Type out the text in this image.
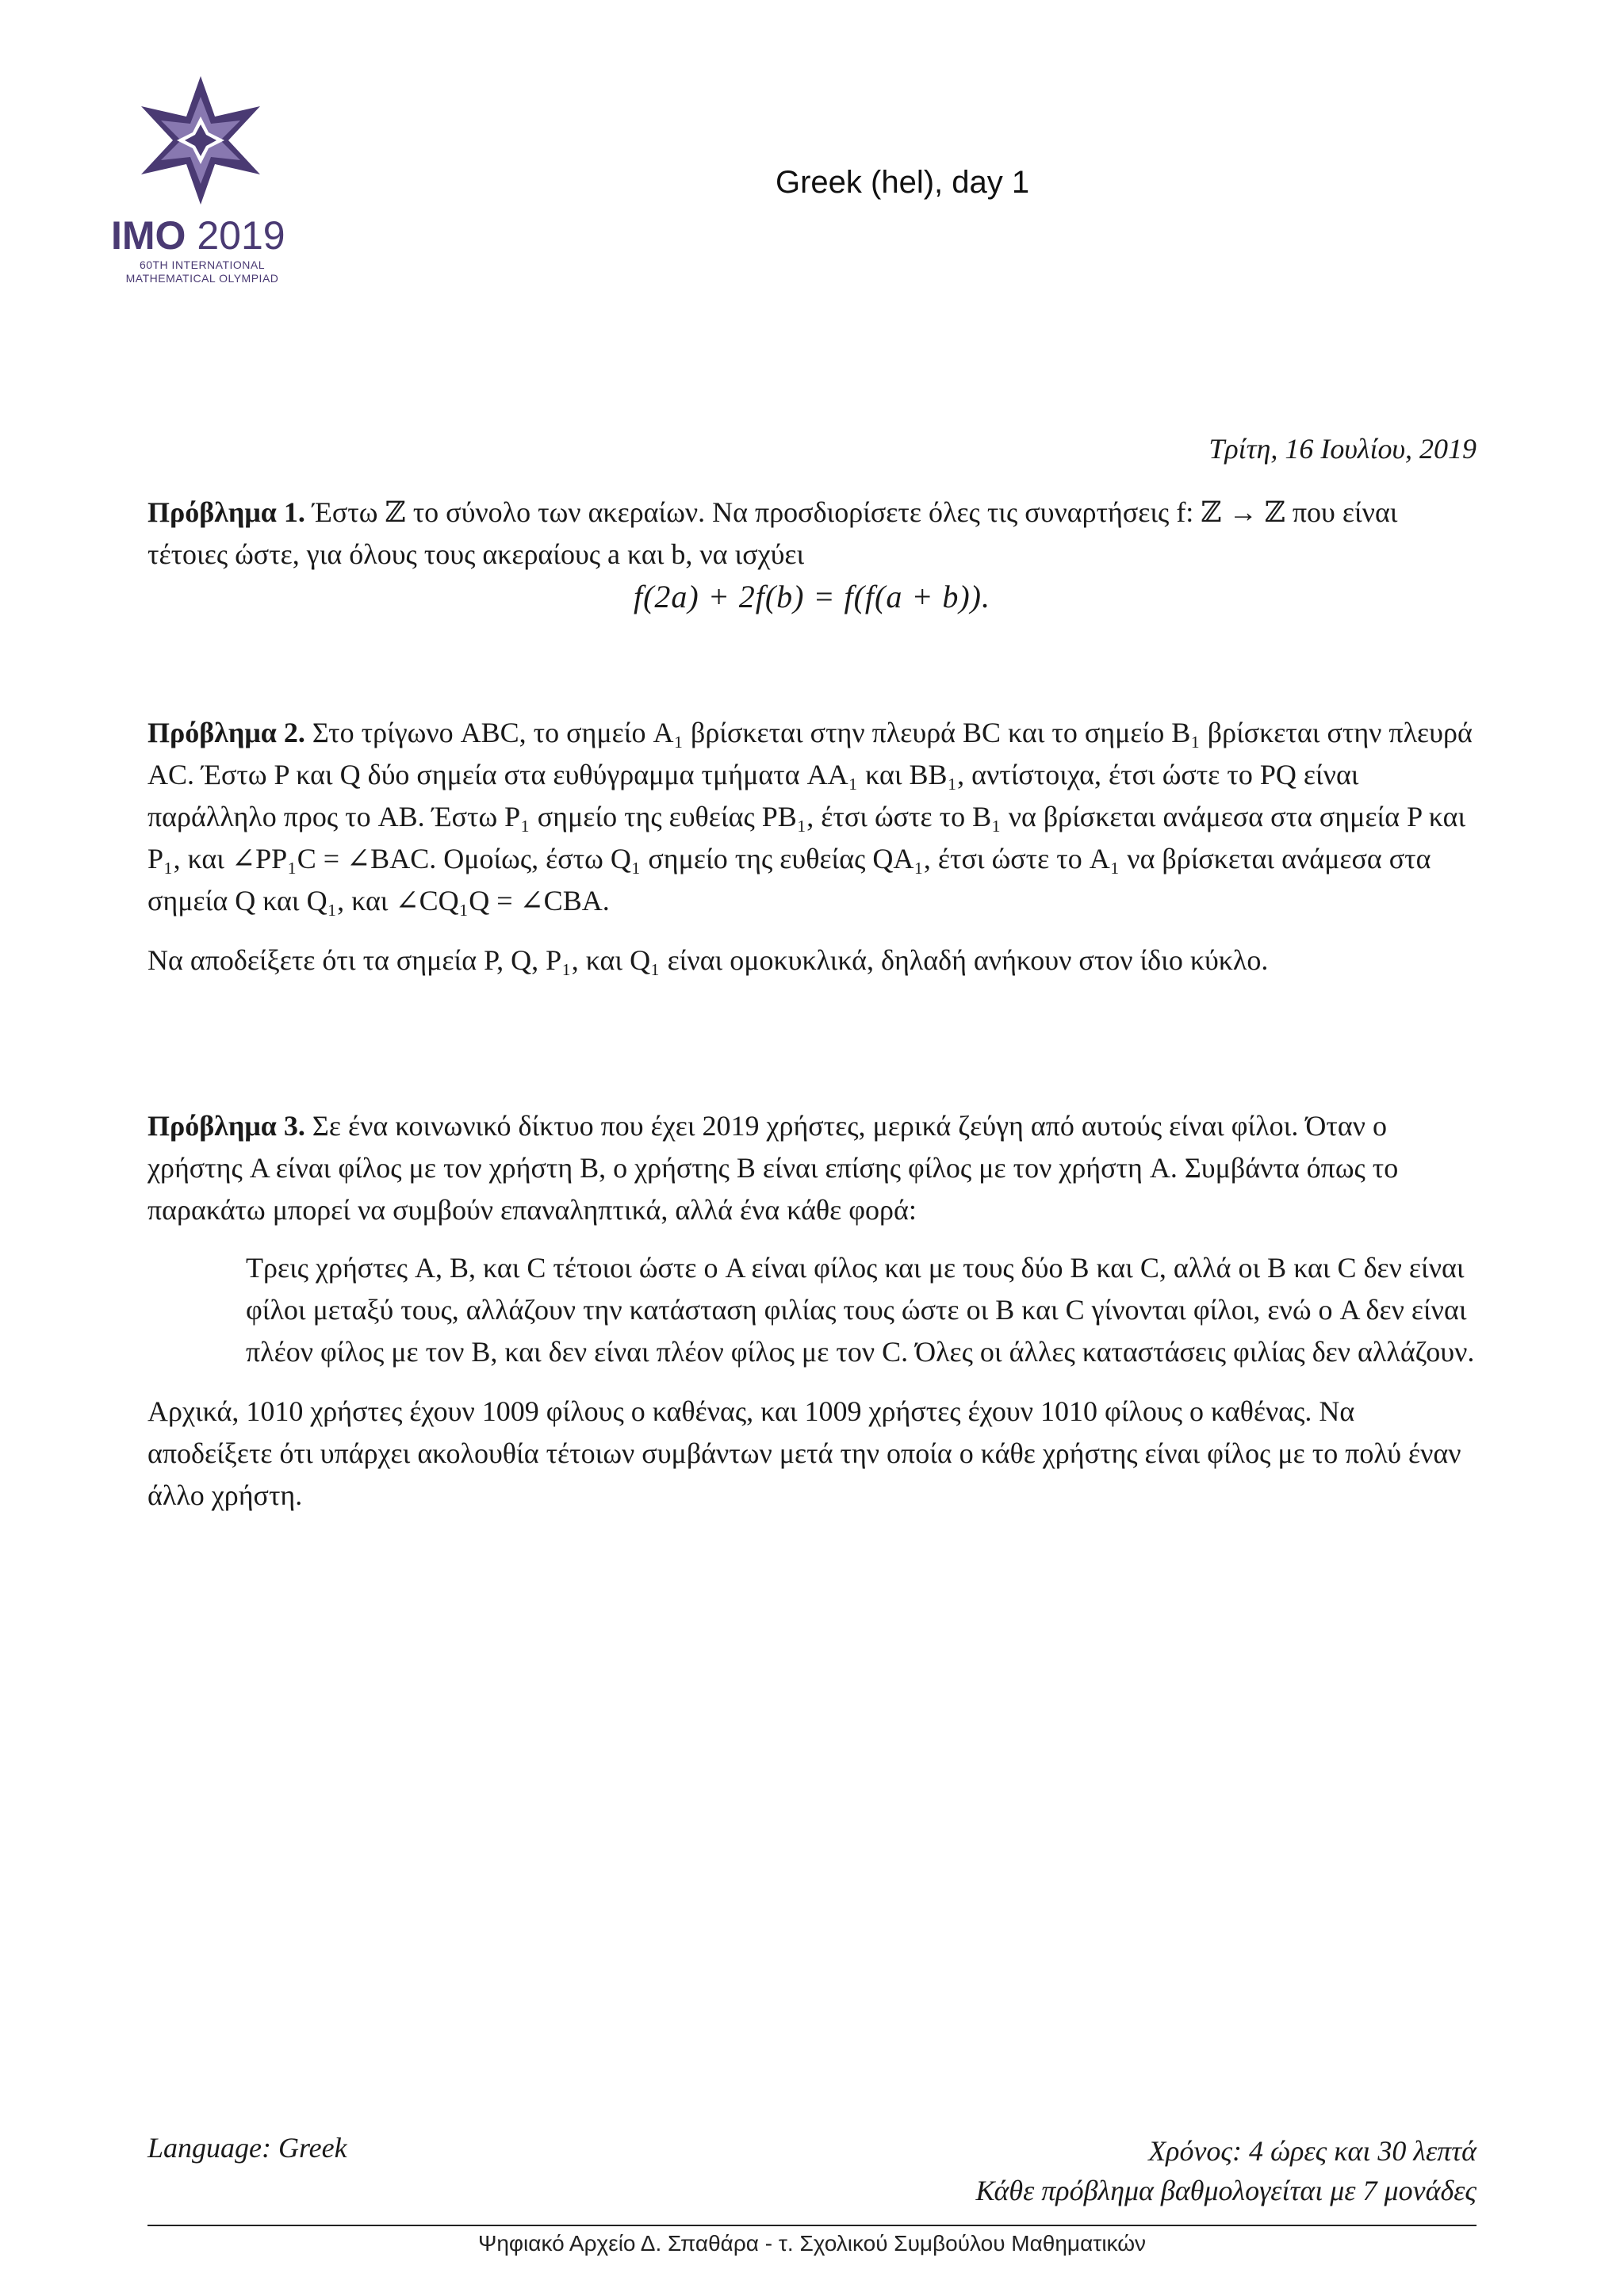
IMO 2019
60TH INTERNATIONAL
MATHEMATICAL OLYMPIAD
Greek (hel), day 1
Τρίτη, 16 Ιουλίου, 2019

Πρόβλημα 1. Έστω ℤ το σύνολο των ακεραίων. Να προσδιορίσετε όλες τις συναρτήσεις f: ℤ → ℤ που είναι τέτοιες ώστε, για όλους τους ακεραίους a και b, να ισχύει

f(2a) + 2f(b) = f(f(a + b)).

Πρόβλημα 2. Στο τρίγωνο ABC, το σημείο A₁ βρίσκεται στην πλευρά BC και το σημείο B₁ βρίσκεται στην πλευρά AC. Έστω P και Q δύο σημεία στα ευθύγραμμα τμήματα AA₁ και BB₁, αντίστοιχα, έτσι ώστε το PQ είναι παράλληλο προς το AB. Έστω P₁ σημείο της ευθείας PB₁, έτσι ώστε το B₁ να βρίσκεται ανάμεσα στα σημεία P και P₁, και ∠PP₁C = ∠BAC. Ομοίως, έστω Q₁ σημείο της ευθείας QA₁, έτσι ώστε το A₁ να βρίσκεται ανάμεσα στα σημεία Q και Q₁, και ∠CQ₁Q = ∠CBA.

Να αποδείξετε ότι τα σημεία P, Q, P₁, και Q₁ είναι ομοκυκλικά, δηλαδή ανήκουν στον ίδιο κύκλο.

Πρόβλημα 3. Σε ένα κοινωνικό δίκτυο που έχει 2019 χρήστες, μερικά ζεύγη από αυτούς είναι φίλοι. Όταν ο χρήστης A είναι φίλος με τον χρήστη B, ο χρήστης B είναι επίσης φίλος με τον χρήστη A. Συμβάντα όπως το παρακάτω μπορεί να συμβούν επαναληπτικά, αλλά ένα κάθε φορά:

Τρεις χρήστες A, B, και C τέτοιοι ώστε ο A είναι φίλος και με τους δύο B και C, αλλά οι B και C δεν είναι φίλοι μεταξύ τους, αλλάζουν την κατάσταση φιλίας τους ώστε οι B και C γίνονται φίλοι, ενώ ο A δεν είναι πλέον φίλος με τον B, και δεν είναι πλέον φίλος με τον C. Όλες οι άλλες καταστάσεις φιλίας δεν αλλάζουν.

Αρχικά, 1010 χρήστες έχουν 1009 φίλους ο καθένας, και 1009 χρήστες έχουν 1010 φίλους ο καθένας. Να αποδείξετε ότι υπάρχει ακολουθία τέτοιων συμβάντων μετά την οποία ο κάθε χρήστης είναι φίλος με το πολύ έναν άλλο χρήστη.

Language: Greek	Χρόνος: 4 ώρες και 30 λεπτά
Κάθε πρόβλημα βαθμολογείται με 7 μονάδες
Ψηφιακό Αρχείο Δ. Σπαθάρα - τ. Σχολικού Συμβούλου Μαθηματικών
